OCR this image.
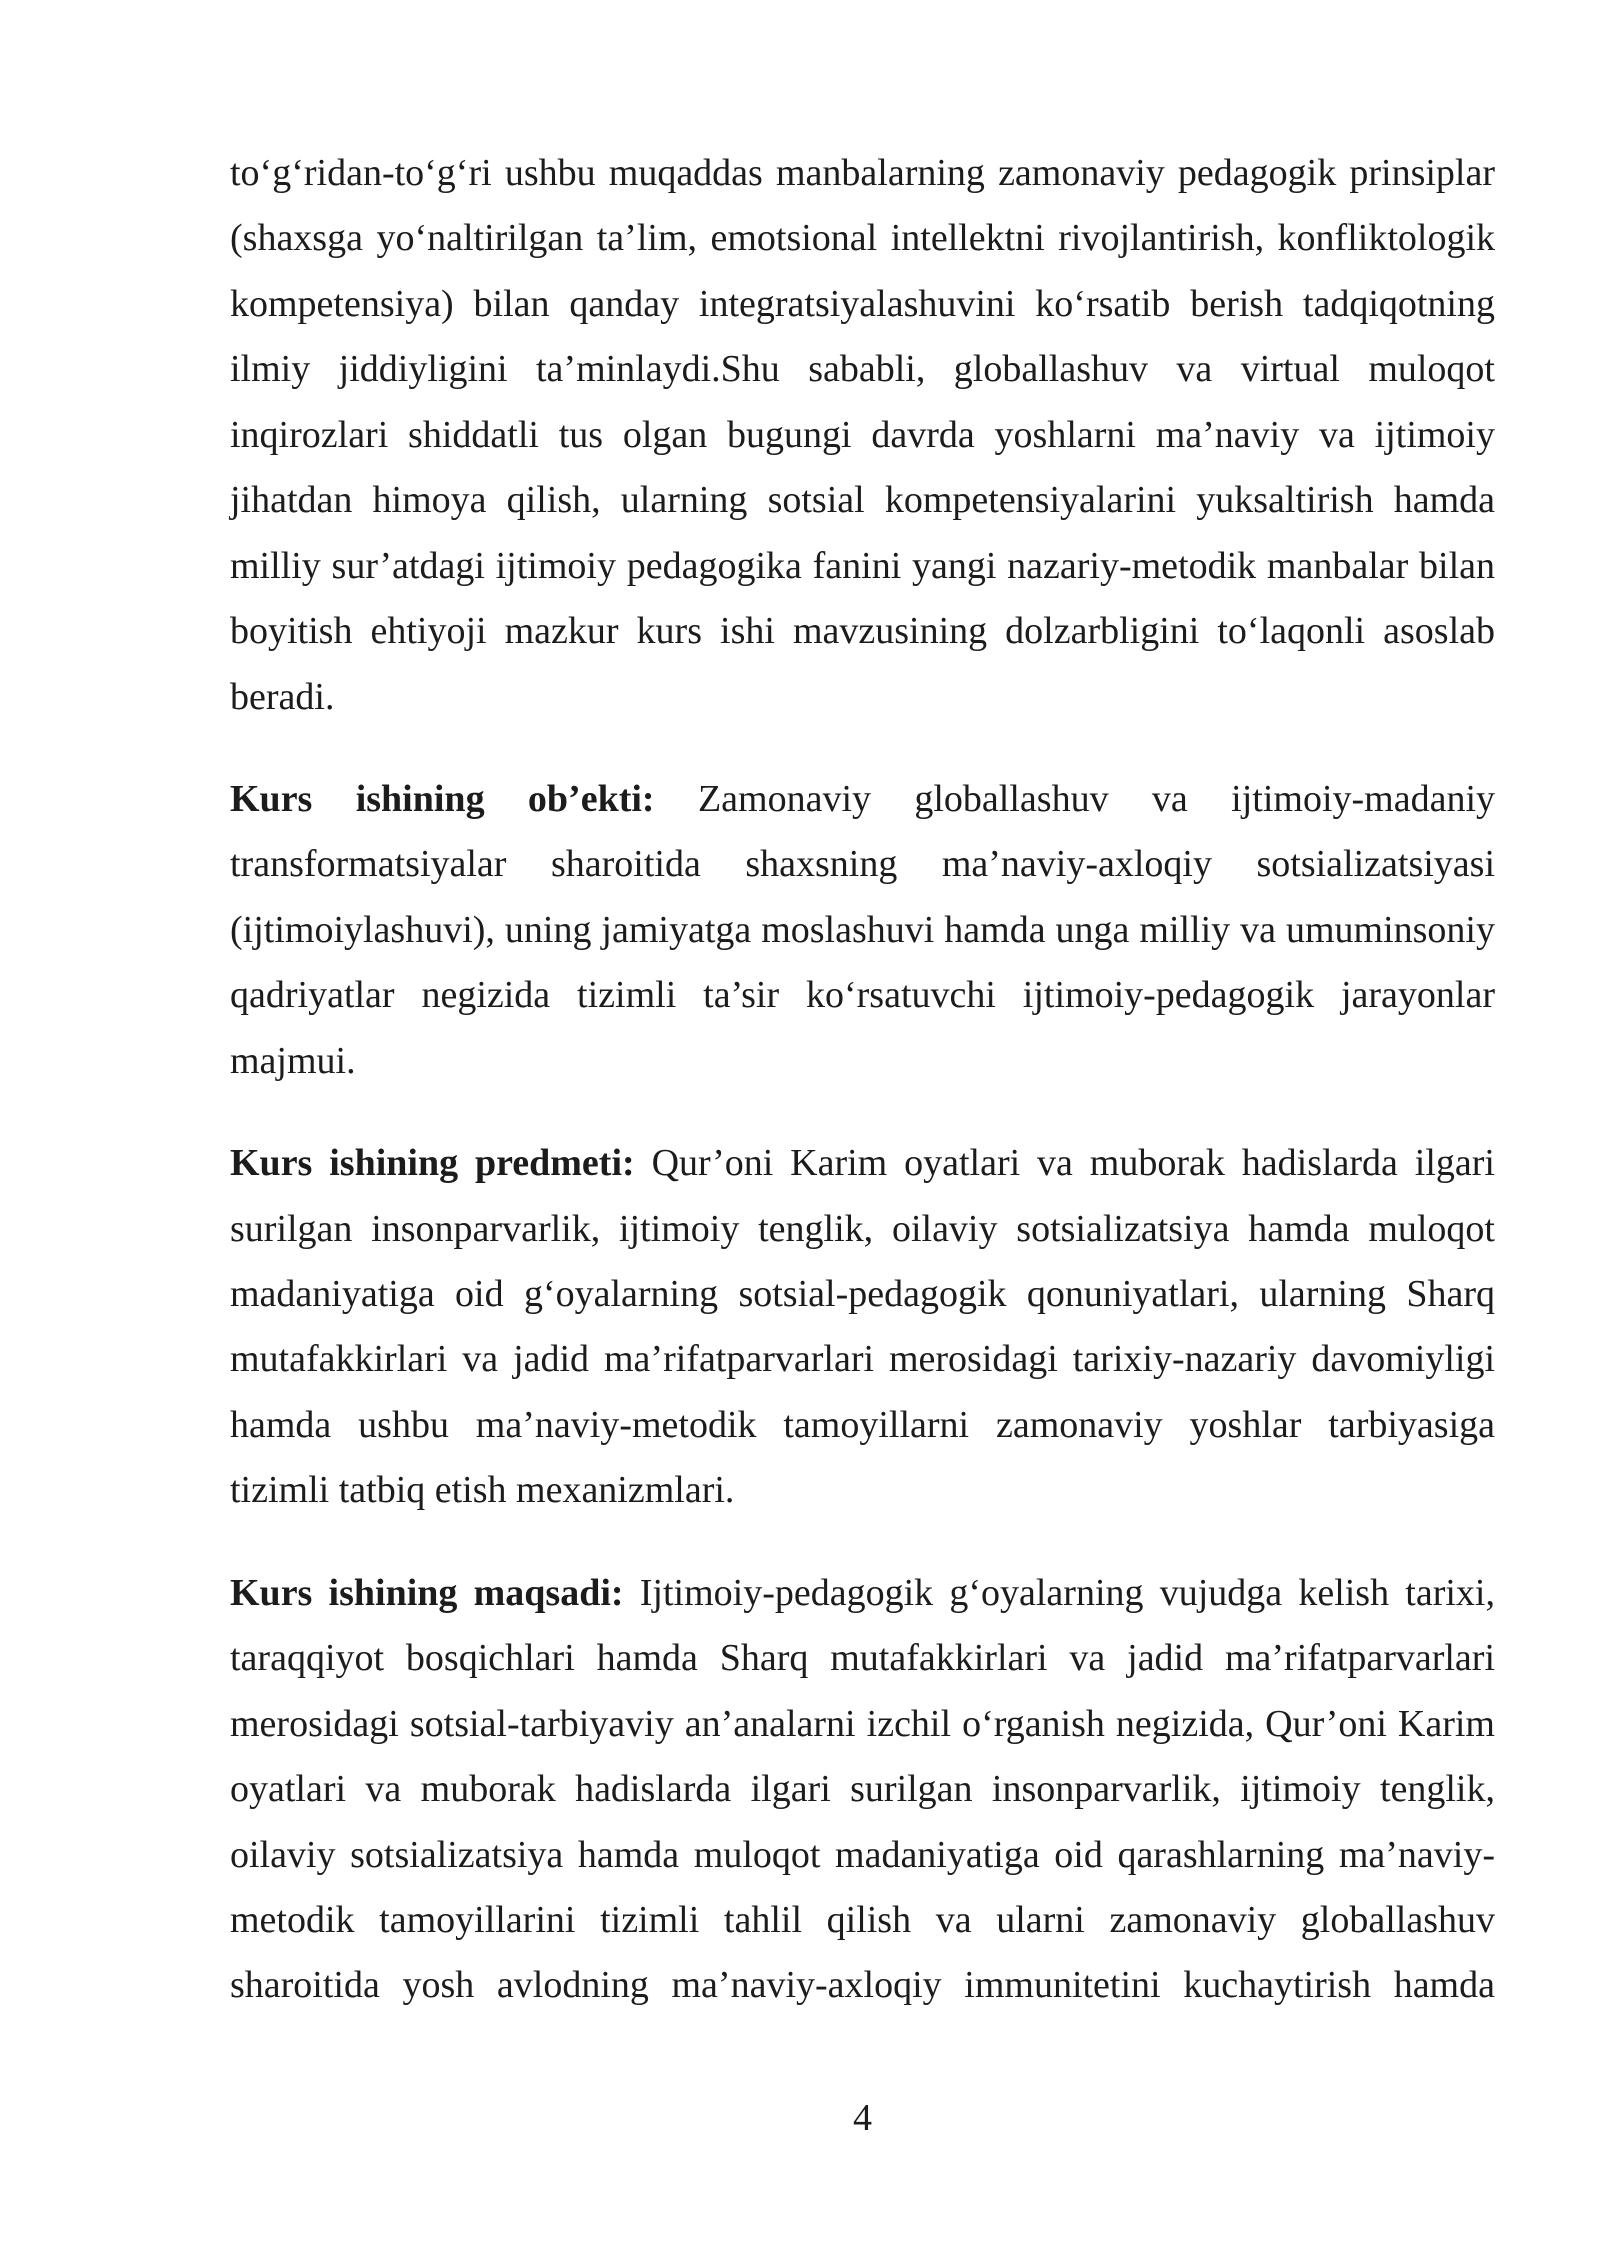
to‘g‘ridan-to‘g‘ri ushbu muqaddas manbalarning zamonaviy pedagogik prinsiplar
(shaxsga yo‘naltirilgan ta’lim, emotsional intellektni rivojlantirish, konfliktologik
kompetensiya) bilan qanday integratsiyalashuvini ko‘rsatib berish tadqiqotning
ilmiy jiddiyligini ta’minlaydi.Shu sababli, globallashuv va virtual muloqot
inqirozlari shiddatli tus olgan bugungi davrda yoshlarni ma’naviy va ijtimoiy
jihatdan himoya qilish, ularning sotsial kompetensiyalarini yuksaltirish hamda
milliy sur’atdagi ijtimoiy pedagogika fanini yangi nazariy-metodik manbalar bilan
boyitish ehtiyoji mazkur kurs ishi mavzusining dolzarbligini to‘laqonli asoslab
beradi.
Kurs ishining ob’ekti: Zamonaviy globallashuv va ijtimoiy-madaniy
transformatsiyalar sharoitida shaxsning ma’naviy-axloqiy sotsializatsiyasi
(ijtimoiylashuvi), uning jamiyatga moslashuvi hamda unga milliy va umuminsoniy
qadriyatlar negizida tizimli ta’sir ko‘rsatuvchi ijtimoiy-pedagogik jarayonlar
majmui.
Kurs ishining predmeti: Qur’oni Karim oyatlari va muborak hadislarda ilgari
surilgan insonparvarlik, ijtimoiy tenglik, oilaviy sotsializatsiya hamda muloqot
madaniyatiga oid g‘oyalarning sotsial-pedagogik qonuniyatlari, ularning Sharq
mutafakkirlari va jadid ma’rifatparvarlari merosidagi tarixiy-nazariy davomiyligi
hamda ushbu ma’naviy-metodik tamoyillarni zamonaviy yoshlar tarbiyasiga
tizimli tatbiq etish mexanizmlari.
Kurs ishining maqsadi: Ijtimoiy-pedagogik g‘oyalarning vujudga kelish tarixi,
taraqqiyot bosqichlari hamda Sharq mutafakkirlari va jadid ma’rifatparvarlari
merosidagi sotsial-tarbiyaviy an’analarni izchil o‘rganish negizida, Qur’oni Karim
oyatlari va muborak hadislarda ilgari surilgan insonparvarlik, ijtimoiy tenglik,
oilaviy sotsializatsiya hamda muloqot madaniyatiga oid qarashlarning ma’naviy-
metodik tamoyillarini tizimli tahlil qilish va ularni zamonaviy globallashuv
sharoitida yosh avlodning ma’naviy-axloqiy immunitetini kuchaytirish hamda
4
